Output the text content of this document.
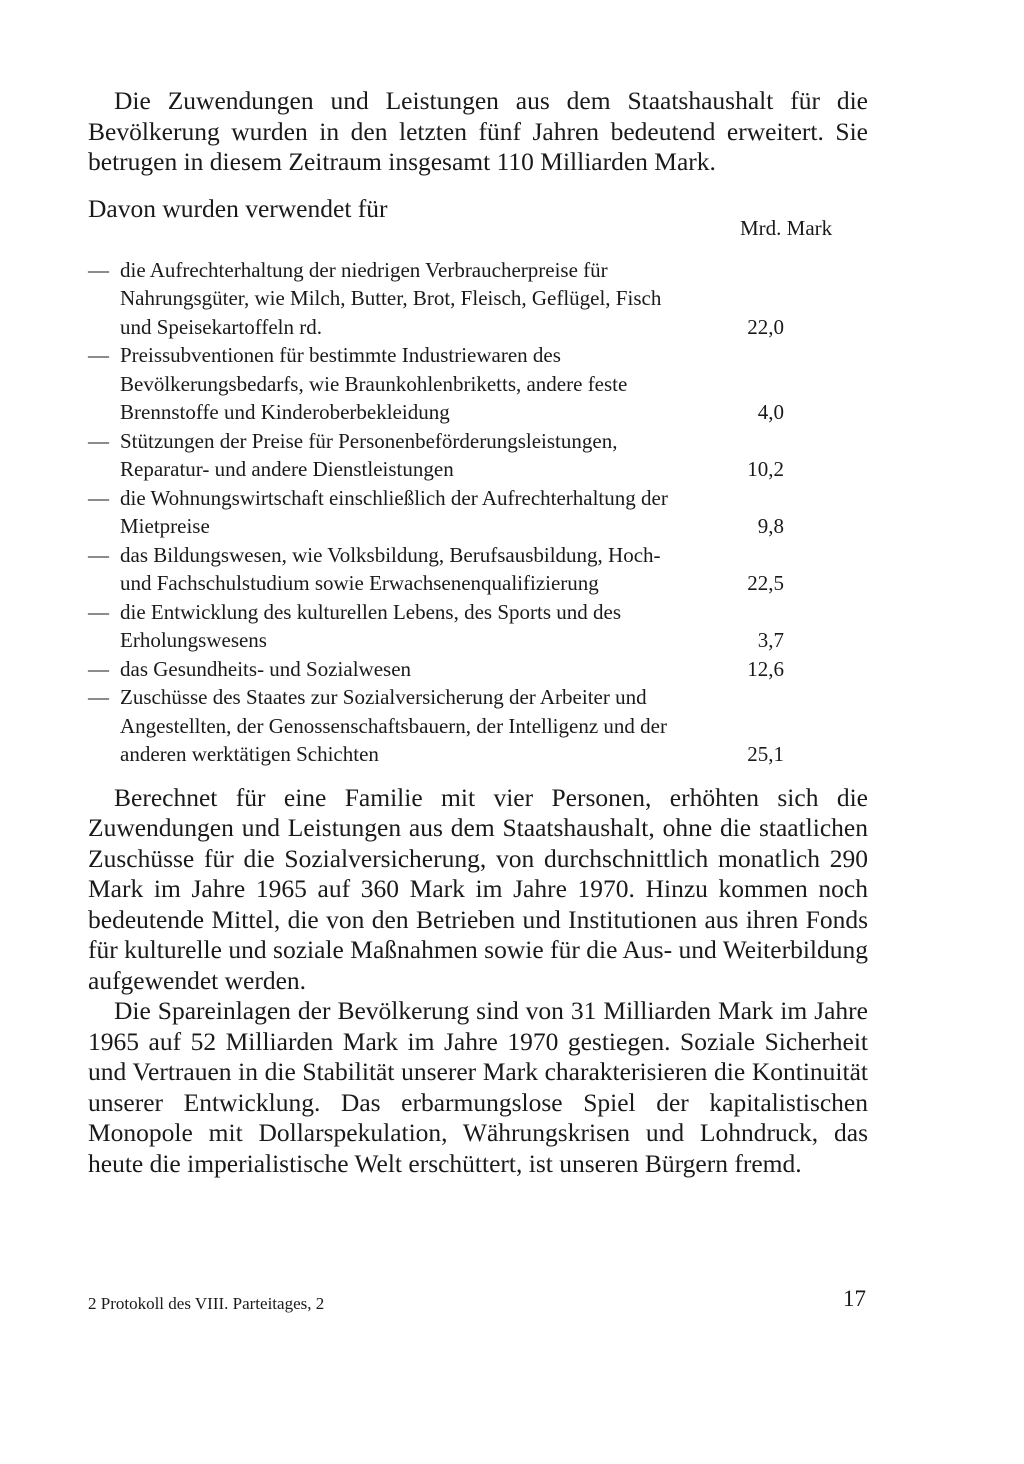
Die Zuwendungen und Leistungen aus dem Staatshaushalt für die Bevölkerung wurden in den letzten fünf Jahren bedeutend erweitert. Sie betrugen in diesem Zeitraum insgesamt 110 Milliarden Mark.

Davon wurden verwendet für
Mrd. Mark
— die Aufrechterhaltung der niedrigen Verbraucherpreise für Nahrungsgüter, wie Milch, Butter, Brot, Fleisch, Geflügel, Fisch und Speisekartoffeln rd.	22,0
— Preissubventionen für bestimmte Industriewaren des Bevölkerungsbedarfs, wie Braunkohlenbriketts, andere feste Brennstoffe und Kinderoberbekleidung	4,0
— Stützungen der Preise für Personenbeförderungsleistungen, Reparatur- und andere Dienstleistungen	10,2
— die Wohnungswirtschaft einschließlich der Aufrechterhaltung der Mietpreise	9,8
— das Bildungswesen, wie Volksbildung, Berufsausbildung, Hoch- und Fachschulstudium sowie Erwachsenenqualifizierung	22,5
— die Entwicklung des kulturellen Lebens, des Sports und des Erholungswesens	3,7
— das Gesundheits- und Sozialwesen	12,6
— Zuschüsse des Staates zur Sozialversicherung der Arbeiter und Angestellten, der Genossenschaftsbauern, der Intelligenz und der anderen werktätigen Schichten	25,1

Berechnet für eine Familie mit vier Personen, erhöhten sich die Zuwendungen und Leistungen aus dem Staatshaushalt, ohne die staatlichen Zuschüsse für die Sozialversicherung, von durchschnittlich monatlich 290 Mark im Jahre 1965 auf 360 Mark im Jahre 1970. Hinzu kommen noch bedeutende Mittel, die von den Betrieben und Institutionen aus ihren Fonds für kulturelle und soziale Maßnahmen sowie für die Aus- und Weiterbildung aufgewendet werden.

Die Spareinlagen der Bevölkerung sind von 31 Milliarden Mark im Jahre 1965 auf 52 Milliarden Mark im Jahre 1970 gestiegen. Soziale Sicherheit und Vertrauen in die Stabilität unserer Mark charakterisieren die Kontinuität unserer Entwicklung. Das erbarmungslose Spiel der kapitalistischen Monopole mit Dollarspekulation, Währungskrisen und Lohndruck, das heute die imperialistische Welt erschüttert, ist unseren Bürgern fremd.

2 Protokoll des VIII. Parteitages, 2	17
